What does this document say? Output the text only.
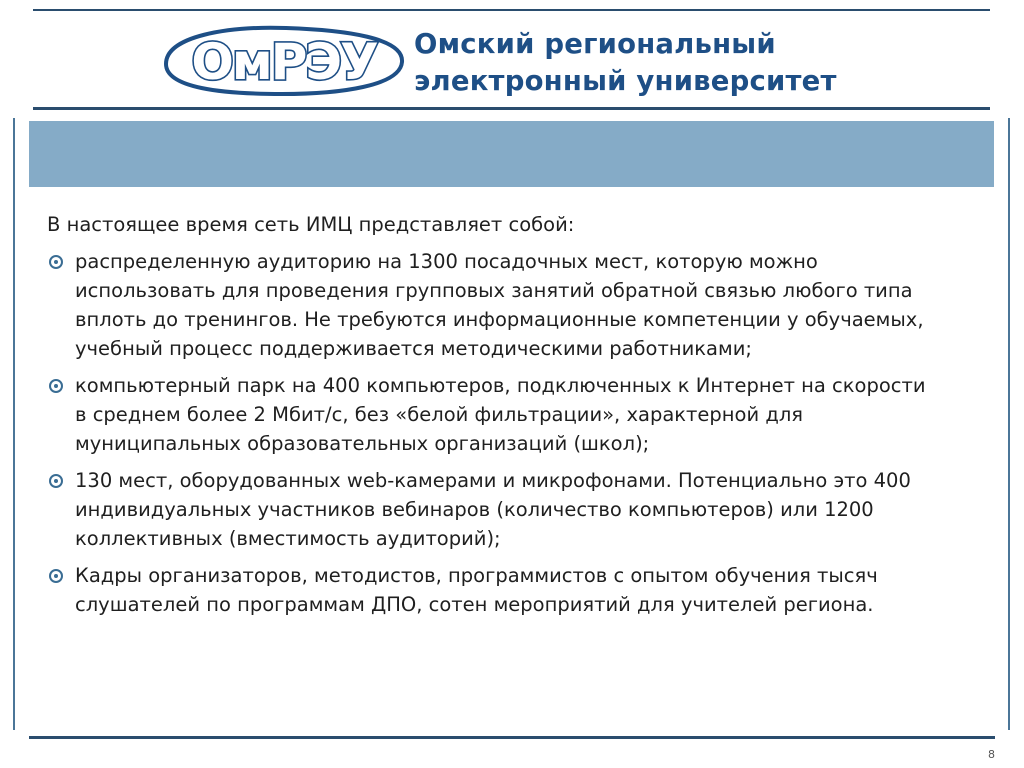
ОмРЭУ Омский региональный
электронный университет
В настоящее время сеть ИМЦ представляет собой:
распределенную аудиторию на 1300 посадочных мест, которую можно
использовать для проведения групповых занятий обратной связью любого типа
вплоть до тренингов. Не требуются информационные компетенции у обучаемых,
учебный процесс поддерживается методическими работниками;
компьютерный парк на 400 компьютеров, подключенных к Интернет на скорости
в среднем более 2 Мбит/с, без «белой фильтрации», характерной для
муниципальных образовательных организаций (школ);
130 мест, оборудованных web-камерами и микрофонами. Потенциально это 400
индивидуальных участников вебинаров (количество компьютеров) или 1200
коллективных (вместимость аудиторий);
Кадры организаторов, методистов, программистов с опытом обучения тысяч
слушателей по программам ДПО, сотен мероприятий для учителей региона.
8
